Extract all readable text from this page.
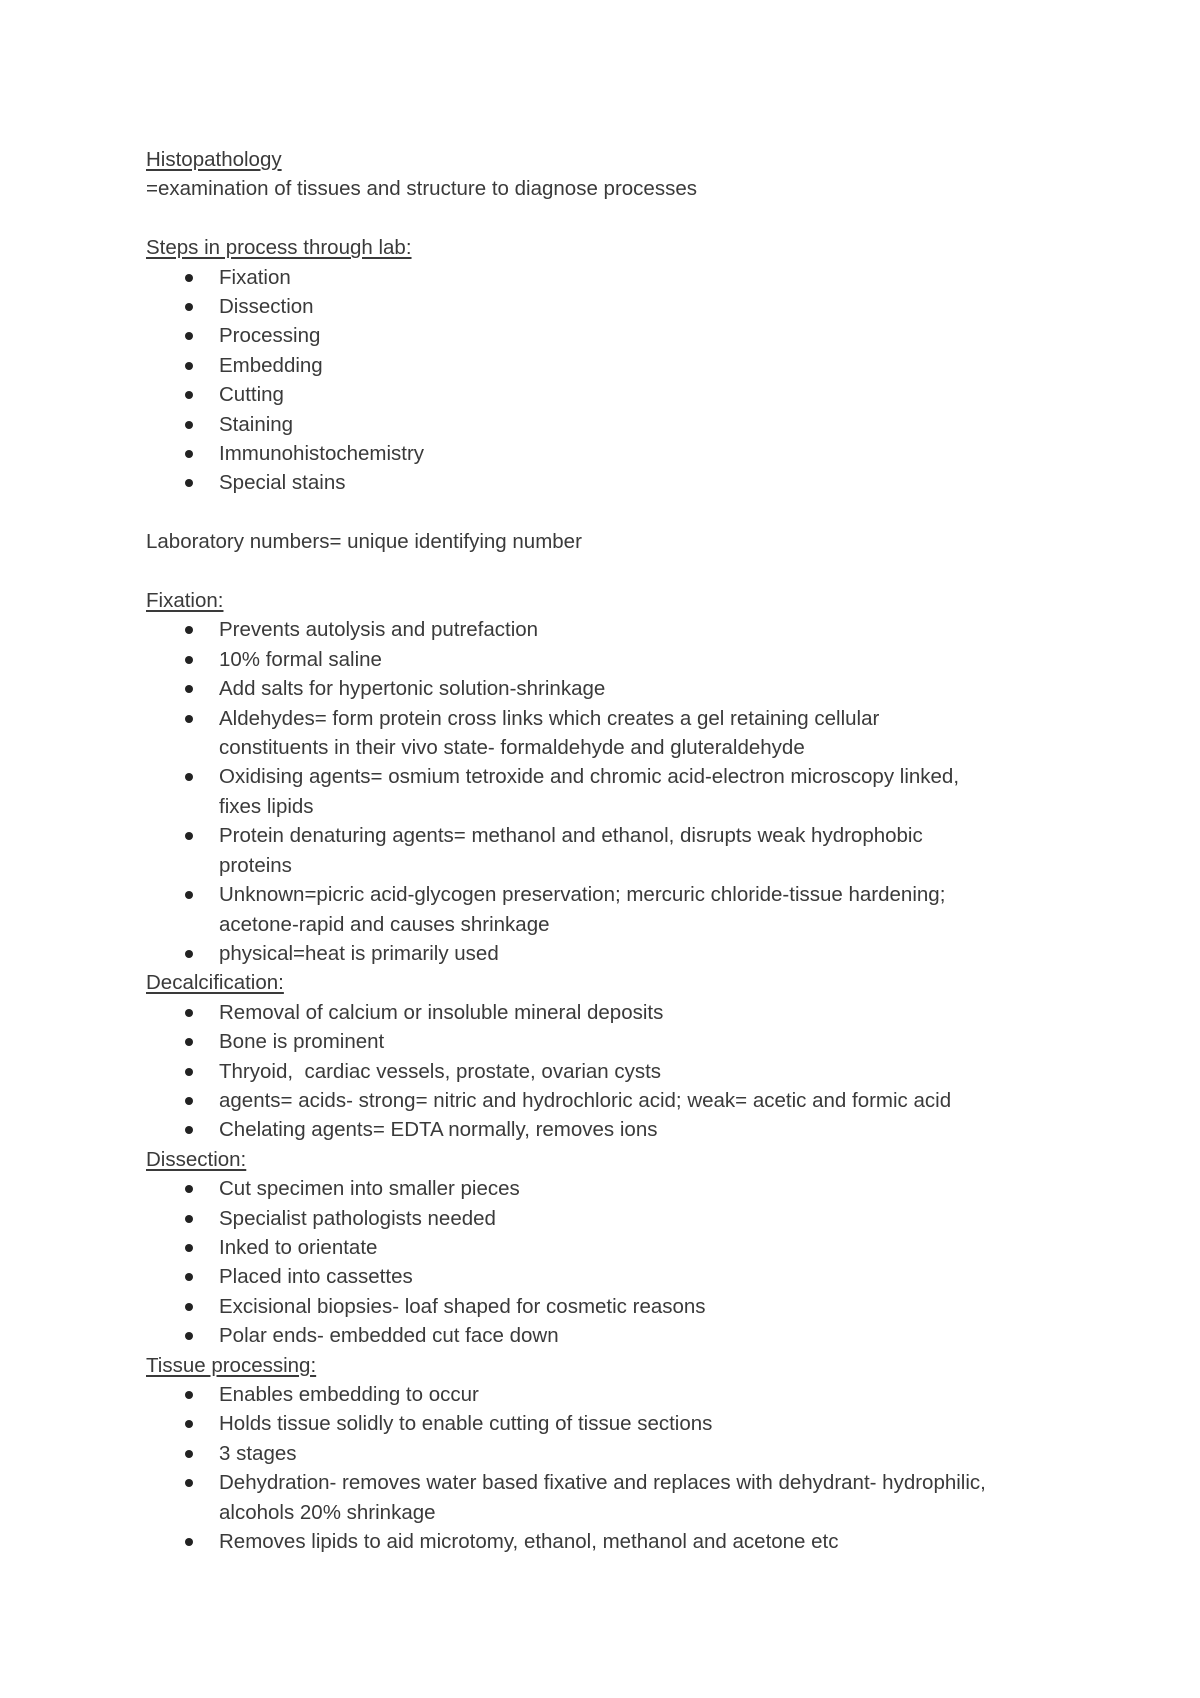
Histopathology
=examination of tissues and structure to diagnose processes
Steps in process through lab:
Fixation
Dissection
Processing
Embedding
Cutting
Staining
Immunohistochemistry
Special stains
Laboratory numbers= unique identifying number
Fixation:
Prevents autolysis and putrefaction
10% formal saline
Add salts for hypertonic solution-shrinkage
Aldehydes= form protein cross links which creates a gel retaining cellular
constituents in their vivo state- formaldehyde and gluteraldehyde
Oxidising agents= osmium tetroxide and chromic acid-electron microscopy linked,
fixes lipids
Protein denaturing agents= methanol and ethanol, disrupts weak hydrophobic
proteins
Unknown=picric acid-glycogen preservation; mercuric chloride-tissue hardening;
acetone-rapid and causes shrinkage
physical=heat is primarily used
Decalcification:
Removal of calcium or insoluble mineral deposits
Bone is prominent
Thryoid,  cardiac vessels, prostate, ovarian cysts
agents= acids- strong= nitric and hydrochloric acid; weak= acetic and formic acid
Chelating agents= EDTA normally, removes ions
Dissection:
Cut specimen into smaller pieces
Specialist pathologists needed
Inked to orientate
Placed into cassettes
Excisional biopsies- loaf shaped for cosmetic reasons
Polar ends- embedded cut face down
Tissue processing:
Enables embedding to occur
Holds tissue solidly to enable cutting of tissue sections
3 stages
Dehydration- removes water based fixative and replaces with dehydrant- hydrophilic,
alcohols 20% shrinkage
Removes lipids to aid microtomy, ethanol, methanol and acetone etc
